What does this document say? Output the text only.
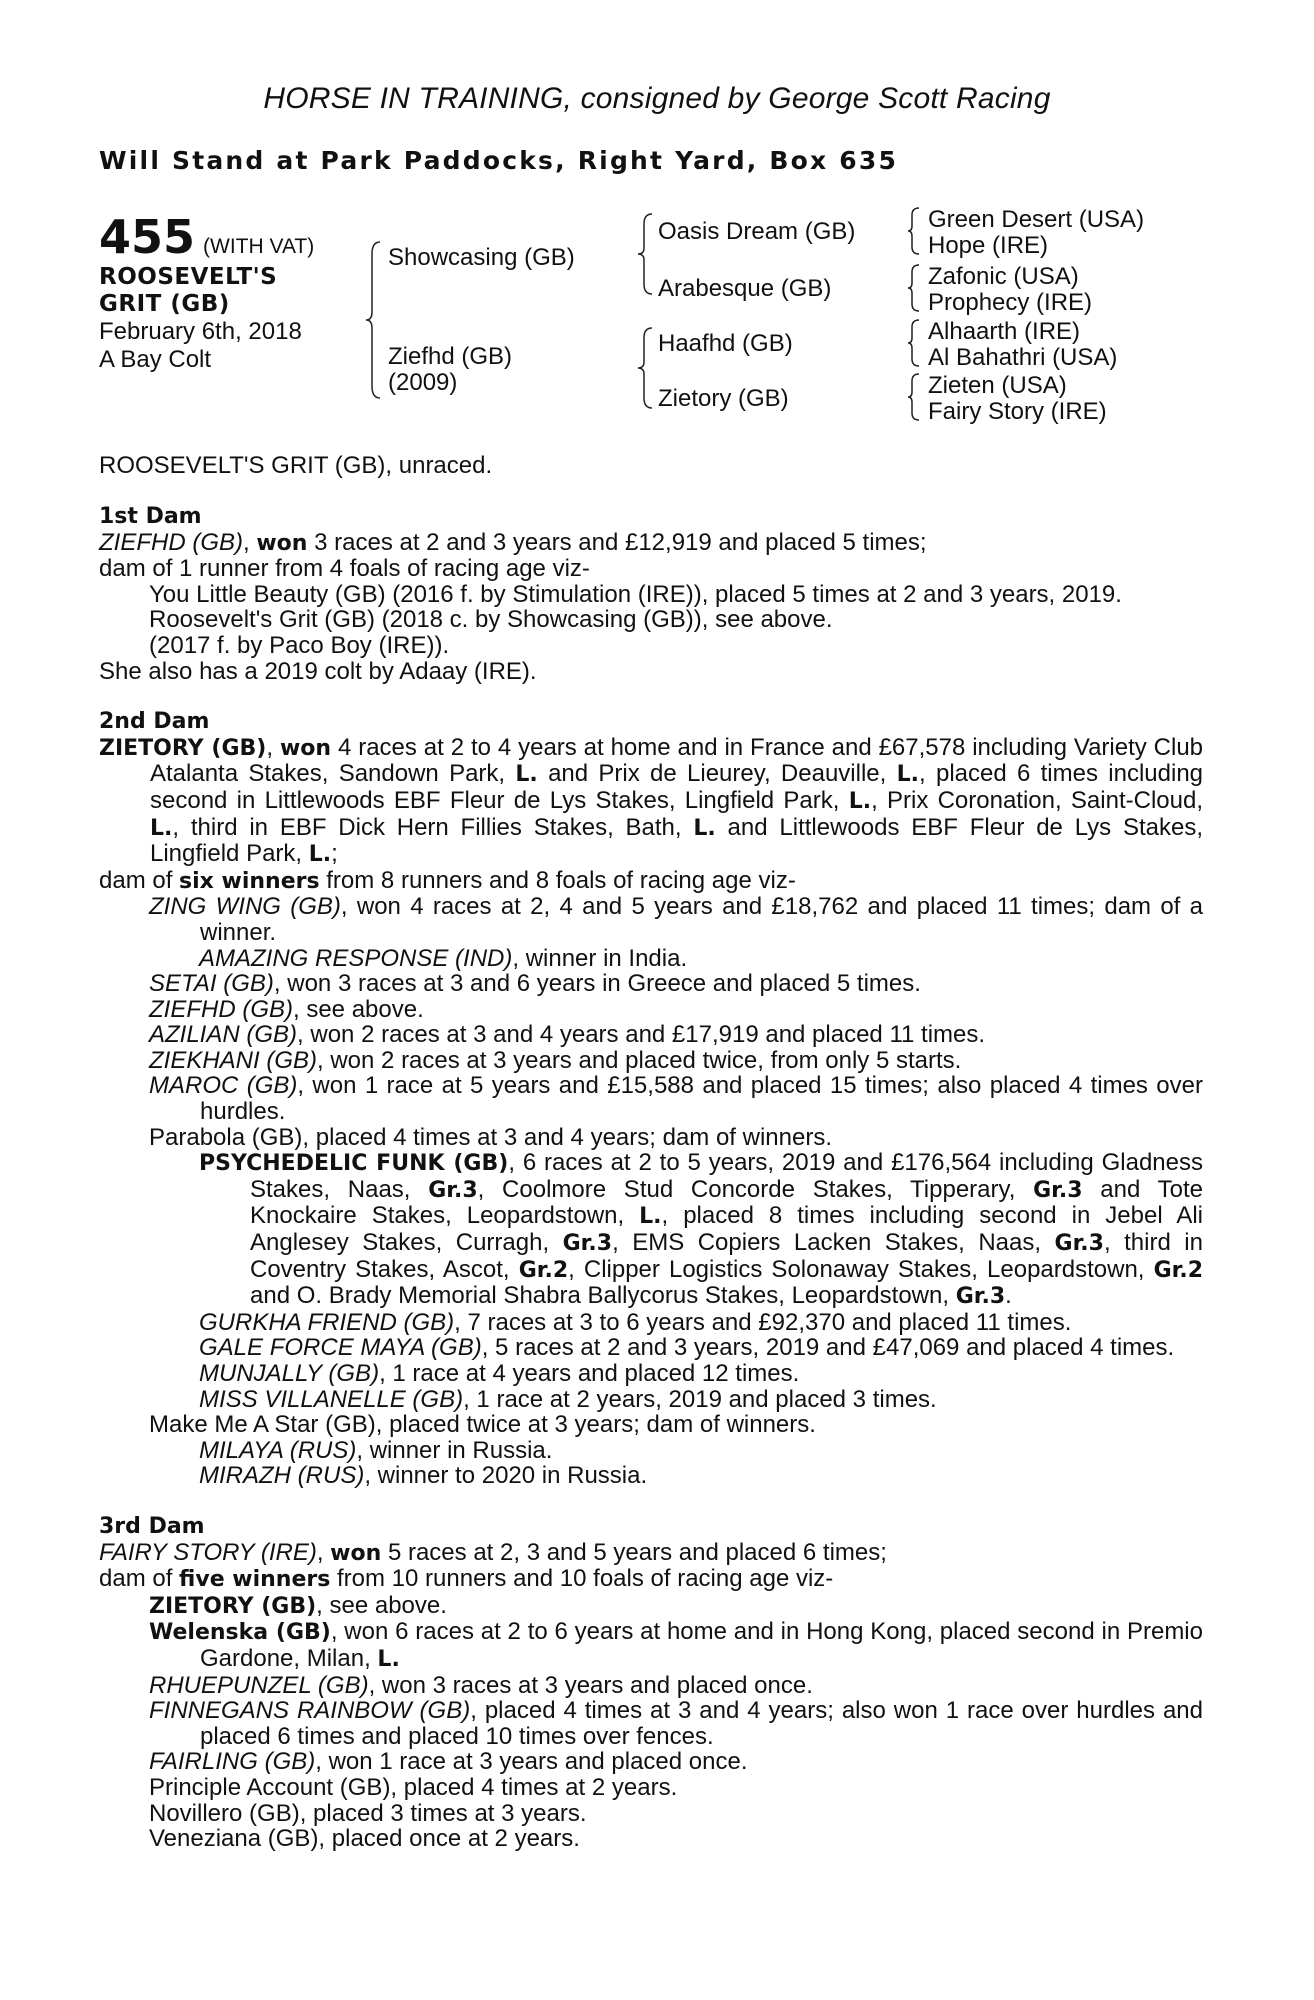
HORSE IN TRAINING, consigned by George Scott Racing
Will Stand at Park Paddocks, Right Yard, Box 635
455 (WITH VAT)
ROOSEVELT'S
GRIT (GB)
February 6th, 2018
A Bay Colt
Showcasing (GB)
Ziefhd (GB)
(2009)
Oasis Dream (GB)
Arabesque (GB)
Haafhd (GB)
Zietory (GB)
Green Desert (USA)
Hope (IRE)
Zafonic (USA)
Prophecy (IRE)
Alhaarth (IRE)
Al Bahathri (USA)
Zieten (USA)
Fairy Story (IRE)
ROOSEVELT'S GRIT (GB), unraced.
1st Dam
ZIEFHD (GB), won 3 races at 2 and 3 years and £12,919 and placed 5 times;
dam of 1 runner from 4 foals of racing age viz-
You Little Beauty (GB) (2016 f. by Stimulation (IRE)), placed 5 times at 2 and 3 years, 2019.
Roosevelt's Grit (GB) (2018 c. by Showcasing (GB)), see above.
(2017 f. by Paco Boy (IRE)).
She also has a 2019 colt by Adaay (IRE).
2nd Dam
ZIETORY (GB), won 4 races at 2 to 4 years at home and in France and £67,578 including Variety Club Atalanta Stakes, Sandown Park, L. and Prix de Lieurey, Deauville, L., placed 6 times including second in Littlewoods EBF Fleur de Lys Stakes, Lingfield Park, L., Prix Coronation, Saint-Cloud, L., third in EBF Dick Hern Fillies Stakes, Bath, L. and Littlewoods EBF Fleur de Lys Stakes, Lingfield Park, L.;
dam of six winners from 8 runners and 8 foals of racing age viz-
ZING WING (GB), won 4 races at 2, 4 and 5 years and £18,762 and placed 11 times; dam of a winner.
AMAZING RESPONSE (IND), winner in India.
SETAI (GB), won 3 races at 3 and 6 years in Greece and placed 5 times.
ZIEFHD (GB), see above.
AZILIAN (GB), won 2 races at 3 and 4 years and £17,919 and placed 11 times.
ZIEKHANI (GB), won 2 races at 3 years and placed twice, from only 5 starts.
MAROC (GB), won 1 race at 5 years and £15,588 and placed 15 times; also placed 4 times over hurdles.
Parabola (GB), placed 4 times at 3 and 4 years; dam of winners.
PSYCHEDELIC FUNK (GB), 6 races at 2 to 5 years, 2019 and £176,564 including Gladness Stakes, Naas, Gr.3, Coolmore Stud Concorde Stakes, Tipperary, Gr.3 and Tote Knockaire Stakes, Leopardstown, L., placed 8 times including second in Jebel Ali Anglesey Stakes, Curragh, Gr.3, EMS Copiers Lacken Stakes, Naas, Gr.3, third in Coventry Stakes, Ascot, Gr.2, Clipper Logistics Solonaway Stakes, Leopardstown, Gr.2 and O. Brady Memorial Shabra Ballycorus Stakes, Leopardstown, Gr.3.
GURKHA FRIEND (GB), 7 races at 3 to 6 years and £92,370 and placed 11 times.
GALE FORCE MAYA (GB), 5 races at 2 and 3 years, 2019 and £47,069 and placed 4 times.
MUNJALLY (GB), 1 race at 4 years and placed 12 times.
MISS VILLANELLE (GB), 1 race at 2 years, 2019 and placed 3 times.
Make Me A Star (GB), placed twice at 3 years; dam of winners.
MILAYA (RUS), winner in Russia.
MIRAZH (RUS), winner to 2020 in Russia.
3rd Dam
FAIRY STORY (IRE), won 5 races at 2, 3 and 5 years and placed 6 times;
dam of five winners from 10 runners and 10 foals of racing age viz-
ZIETORY (GB), see above.
Welenska (GB), won 6 races at 2 to 6 years at home and in Hong Kong, placed second in Premio Gardone, Milan, L.
RHUEPUNZEL (GB), won 3 races at 3 years and placed once.
FINNEGANS RAINBOW (GB), placed 4 times at 3 and 4 years; also won 1 race over hurdles and placed 6 times and placed 10 times over fences.
FAIRLING (GB), won 1 race at 3 years and placed once.
Principle Account (GB), placed 4 times at 2 years.
Novillero (GB), placed 3 times at 3 years.
Veneziana (GB), placed once at 2 years.
